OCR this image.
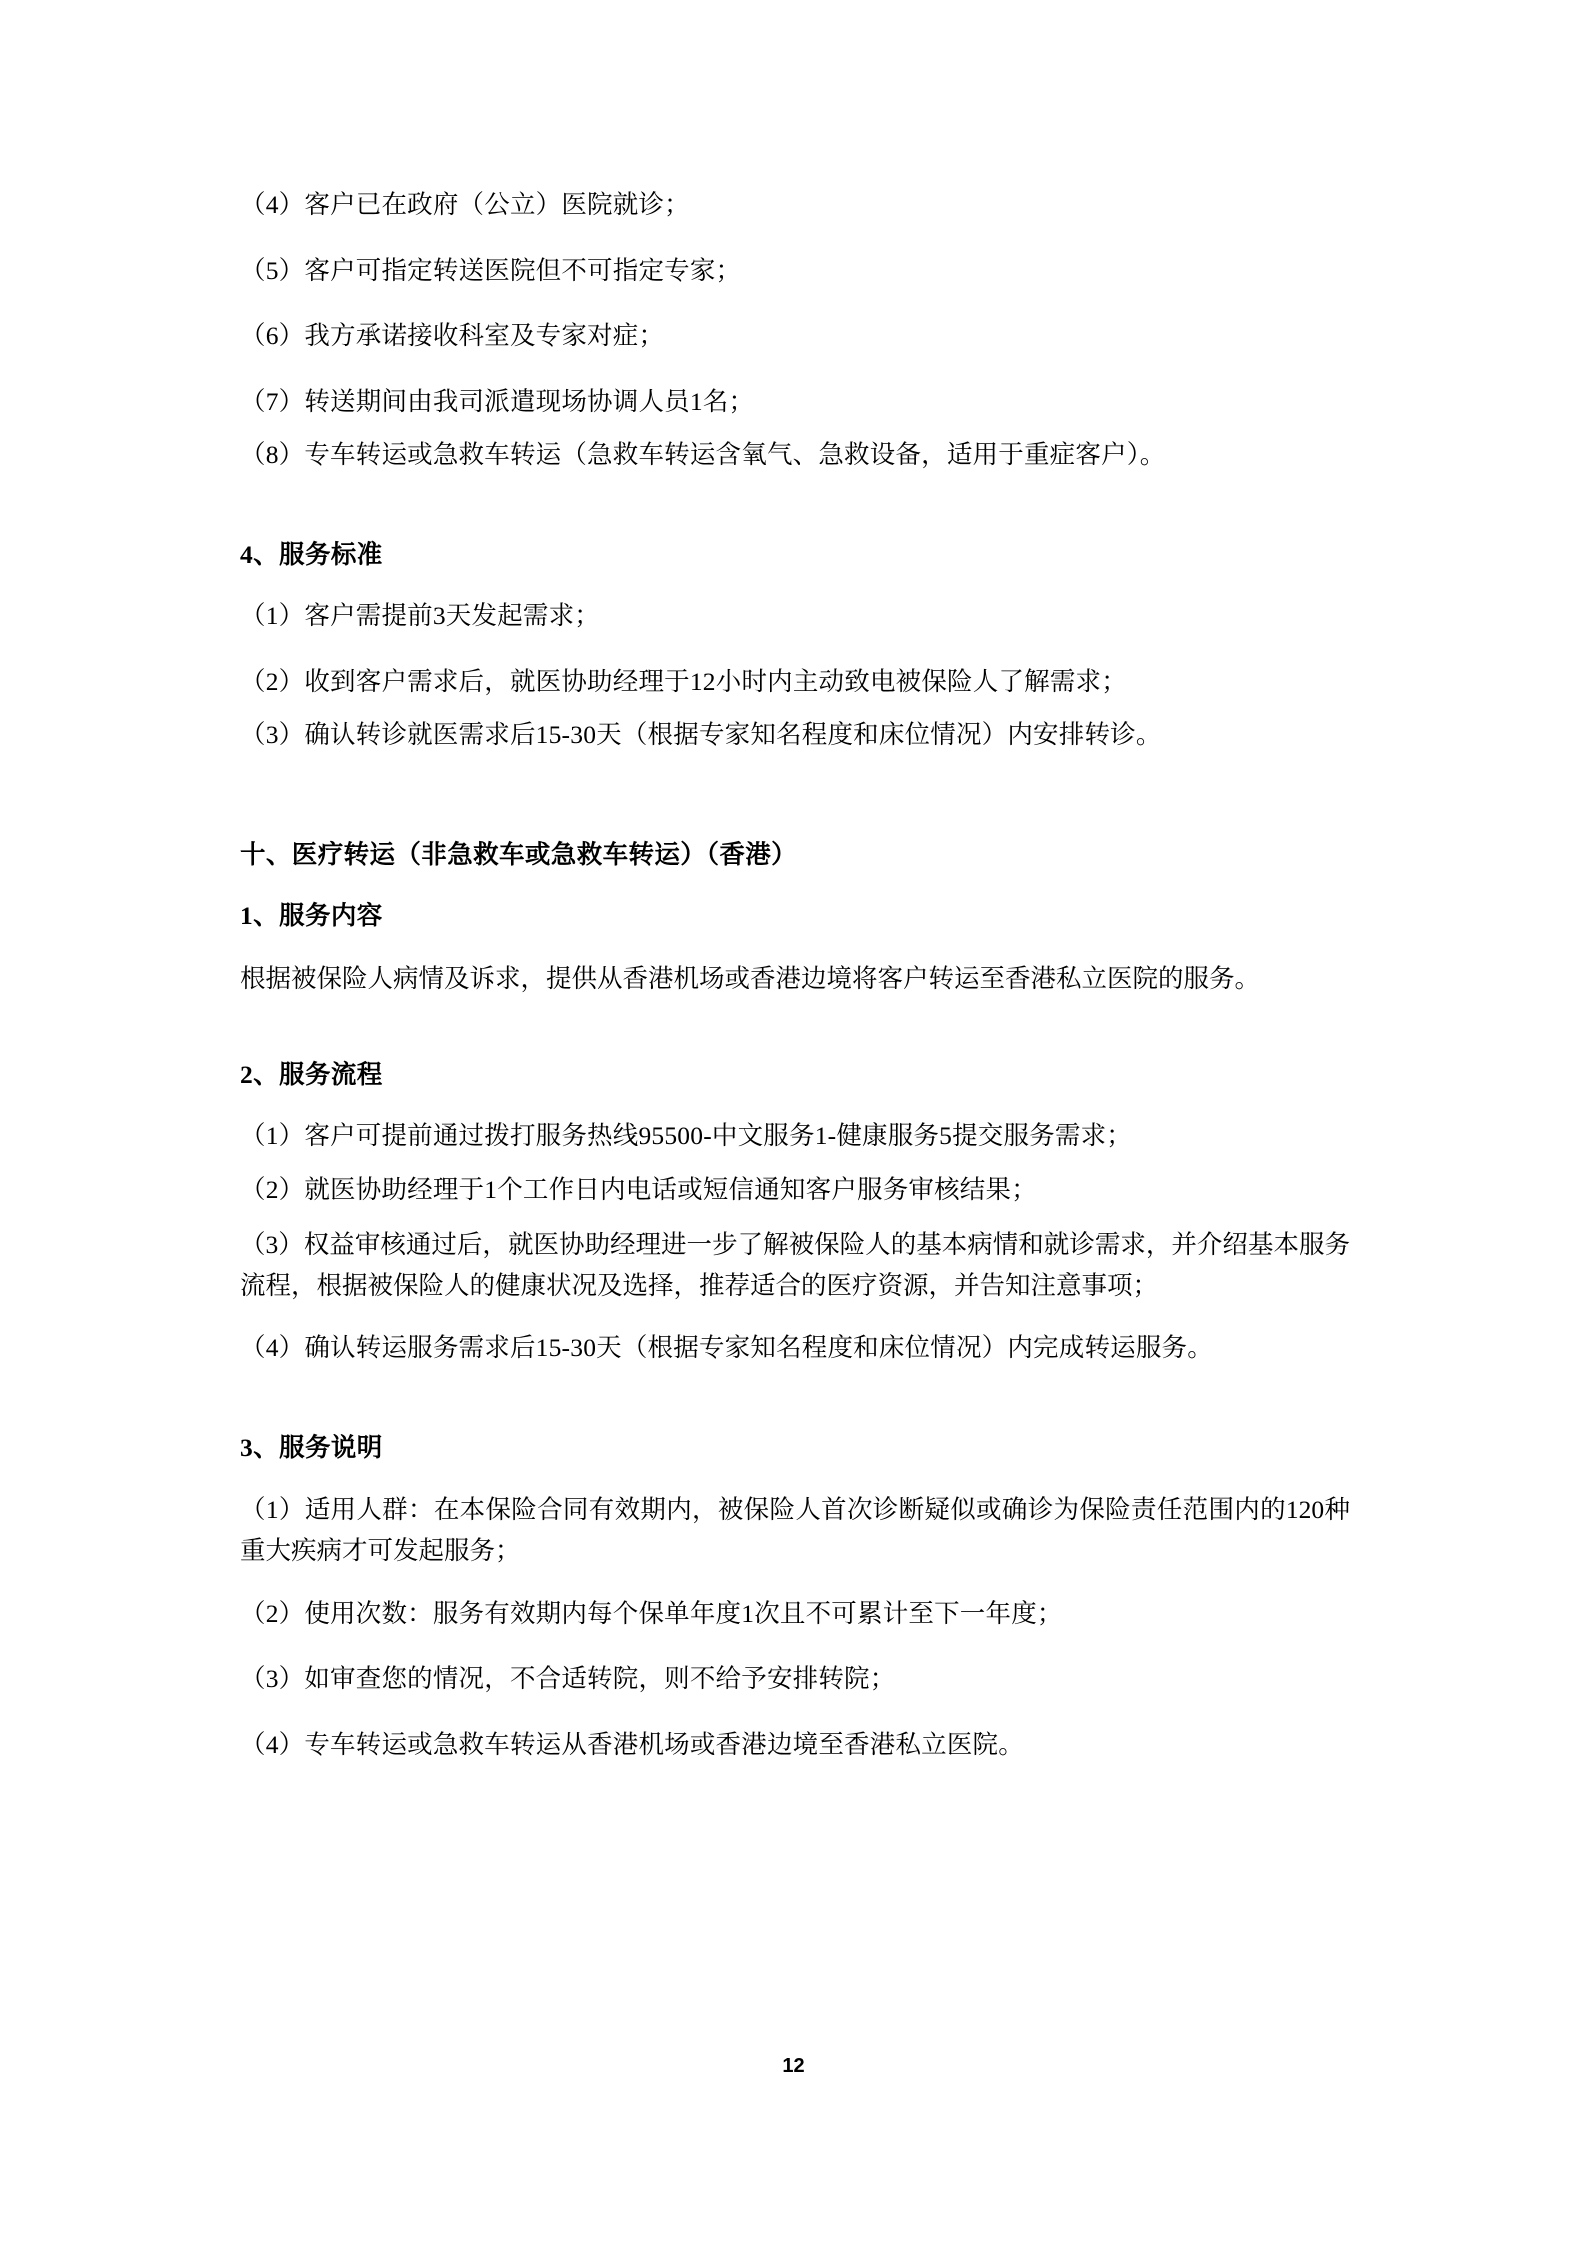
（4）客户已在政府（公立）医院就诊；

（5）客户可指定转送医院但不可指定专家；

（6）我方承诺接收科室及专家对症；

（7）转送期间由我司派遣现场协调人员1名；

（8）专车转运或急救车转运（急救车转运含氧气、急救设备，适用于重症客户）。

4、服务标准

（1）客户需提前3天发起需求；

（2）收到客户需求后，就医协助经理于12小时内主动致电被保险人了解需求；

（3）确认转诊就医需求后15-30天（根据专家知名程度和床位情况）内安排转诊。

十、医疗转运（非急救车或急救车转运）（香港）

1、服务内容

根据被保险人病情及诉求，提供从香港机场或香港边境将客户转运至香港私立医院的服务。

2、服务流程

（1）客户可提前通过拨打服务热线95500-中文服务1-健康服务5提交服务需求；

（2）就医协助经理于1个工作日内电话或短信通知客户服务审核结果；

（3）权益审核通过后，就医协助经理进一步了解被保险人的基本病情和就诊需求，并介绍基本服务流程，根据被保险人的健康状况及选择，推荐适合的医疗资源，并告知注意事项；

（4）确认转运服务需求后15-30天（根据专家知名程度和床位情况）内完成转运服务。

3、服务说明

（1）适用人群：在本保险合同有效期内，被保险人首次诊断疑似或确诊为保险责任范围内的120种重大疾病才可发起服务；

（2）使用次数：服务有效期内每个保单年度1次且不可累计至下一年度；

（3）如审查您的情况，不合适转院，则不给予安排转院；

（4）专车转运或急救车转运从香港机场或香港边境至香港私立医院。

12
